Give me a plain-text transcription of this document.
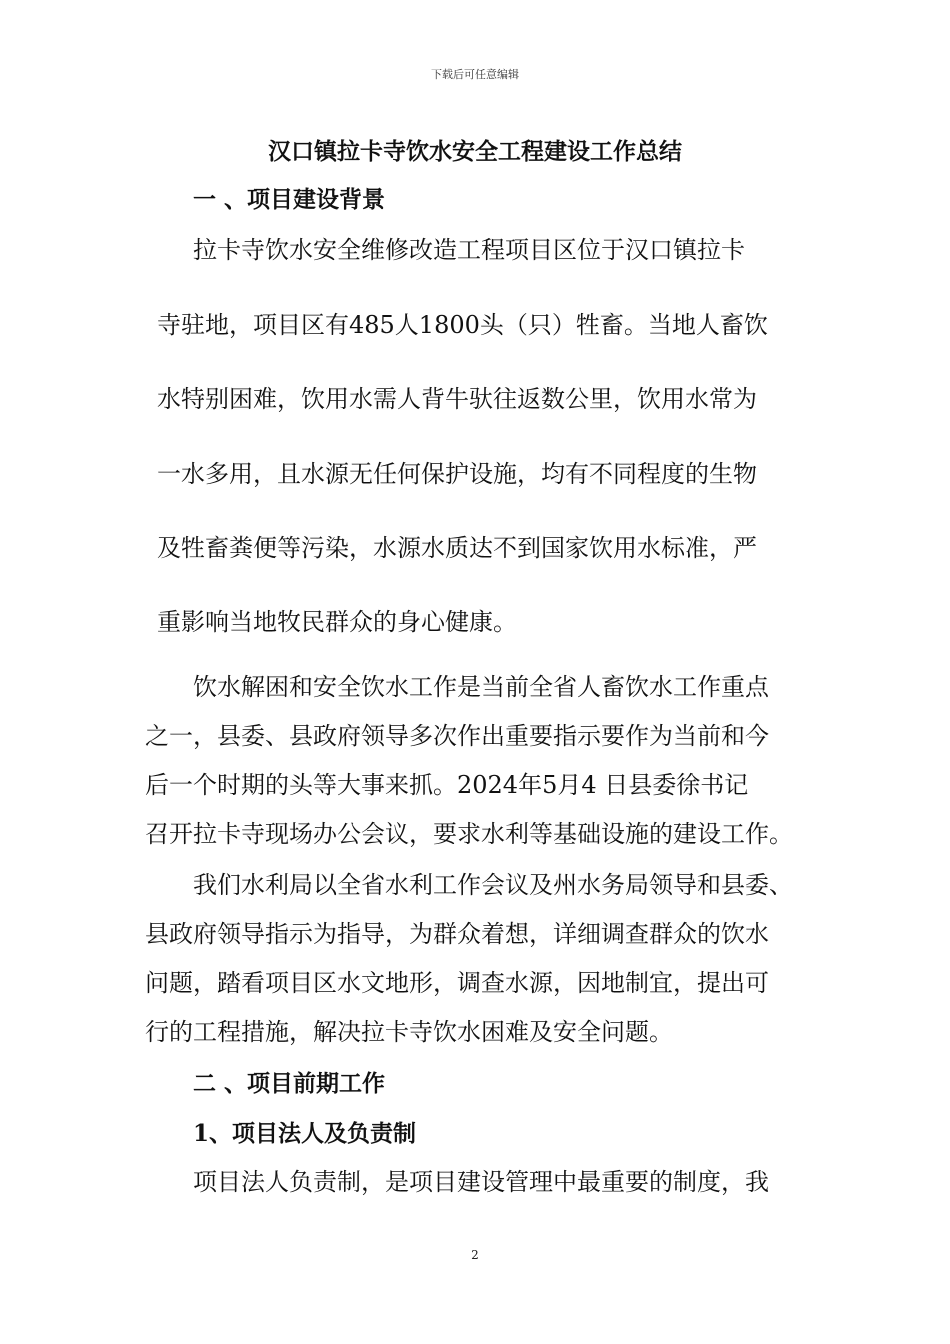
下载后可任意编辑
汉口镇拉卡寺饮水安全工程建设工作总结
一 、项目建设背景

拉卡寺饮水安全维修改造工程项目区位于汉口镇拉卡

寺驻地，项目区有485人1800头（只）牲畜。当地人畜饮

水特别困难，饮用水需人背牛驮往返数公里，饮用水常为

一水多用，且水源无任何保护设施，均有不同程度的生物

及牲畜粪便等污染，水源水质达不到国家饮用水标准，严

重影响当地牧民群众的身心健康。

饮水解困和安全饮水工作是当前全省人畜饮水工作重点

之一，县委、县政府领导多次作出重要指示要作为当前和今

后一个时期的头等大事来抓。2024年5月4 日县委徐书记

召开拉卡寺现场办公会议，要求水利等基础设施的建设工作。

我们水利局以全省水利工作会议及州水务局领导和县委、

县政府领导指示为指导，为群众着想，详细调查群众的饮水

问题，踏看项目区水文地形，调查水源，因地制宜，提出可

行的工程措施，解决拉卡寺饮水困难及安全问题。

二 、项目前期工作
1、项目法人及负责制

项目法人负责制，是项目建设管理中最重要的制度，我

2
